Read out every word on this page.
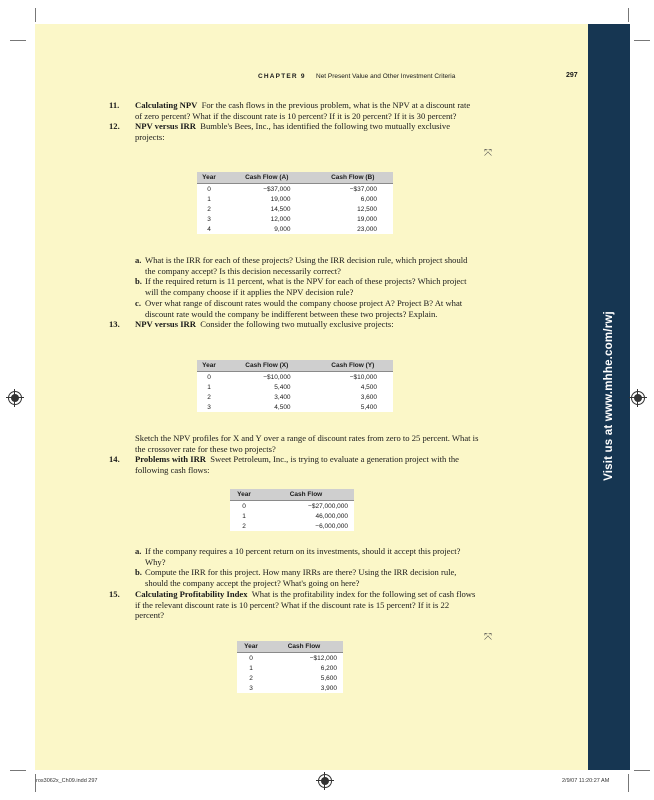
Visit us at www.mhhe.com/rwj
CHAPTER 9 Net Present Value and Other Investment Criteria	297

11. Calculating NPV For the cash flows in the previous problem, what is the NPV at a discount rate of zero percent? What if the discount rate is 10 percent? If it is 20 percent? If it is 30 percent?

12. NPV versus IRR Bumble's Bees, Inc., has identified the following two mutually exclusive projects:

⤧
Year	Cash Flow (A)	Cash Flow (B)
0	−$37,000	−$37,000
1	19,000	6,000
2	14,500	12,500
3	12,000	19,000
4	9,000	23,000

a. What is the IRR for each of these projects? Using the IRR decision rule, which project should the company accept? Is this decision necessarily correct?

b. If the required return is 11 percent, what is the NPV for each of these projects? Which project will the company choose if it applies the NPV decision rule?

c. Over what range of discount rates would the company choose project A? Project B? At what discount rate would the company be indifferent between these two projects? Explain.

13. NPV versus IRR Consider the following two mutually exclusive projects:

Year	Cash Flow (X)	Cash Flow (Y)
0	−$10,000	−$10,000
1	5,400	4,500
2	3,400	3,600
3	4,500	5,400

Sketch the NPV profiles for X and Y over a range of discount rates from zero to 25 percent. What is the crossover rate for these two projects?

14. Problems with IRR Sweet Petroleum, Inc., is trying to evaluate a generation project with the following cash flows:

Year	Cash Flow
0	−$27,000,000
1	46,000,000
2	−6,000,000

a. If the company requires a 10 percent return on its investments, should it accept this project? Why?

b. Compute the IRR for this project. How many IRRs are there? Using the IRR decision rule, should the company accept the project? What's going on here?

15. Calculating Profitability Index What is the profitability index for the following set of cash flows if the relevant discount rate is 10 percent? What if the discount rate is 15 percent? If it is 22 percent?

⤧
Year	Cash Flow
0	−$12,000
1	6,200
2	5,600
3	3,900
ros3062x_Ch09.indd 297	2/9/07 11:20:27 AM
